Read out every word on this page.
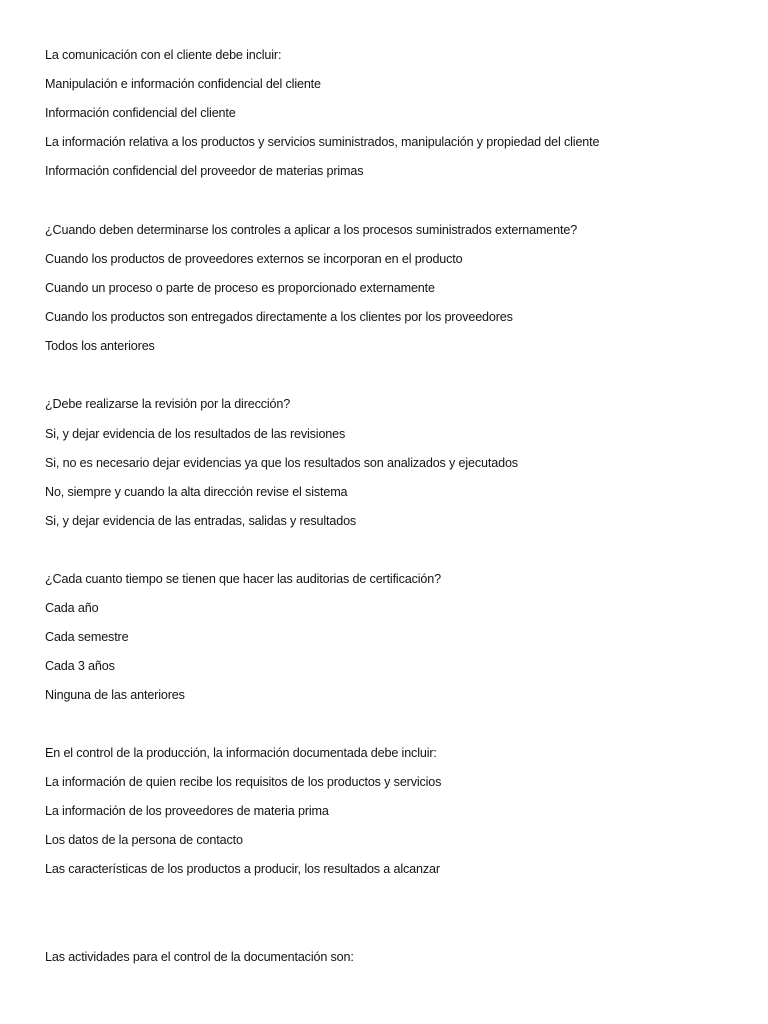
La comunicación con el cliente debe incluir:
Manipulación e información confidencial del cliente
Información confidencial del cliente
La información relativa a los productos y servicios suministrados, manipulación y propiedad del cliente
Información confidencial del proveedor de materias primas
¿Cuando deben determinarse los controles a aplicar a los procesos suministrados externamente?
Cuando los productos de proveedores externos se incorporan en el producto
Cuando un proceso o parte de proceso es proporcionado externamente
Cuando los productos son entregados directamente a los clientes por los proveedores
Todos los anteriores
¿Debe realizarse la revisión por la dirección?
Si, y dejar evidencia de los resultados de las revisiones
Si, no es necesario dejar evidencias ya que los resultados son analizados y ejecutados
No, siempre y cuando la alta dirección revise el sistema
Si, y dejar evidencia de las entradas, salidas y resultados
¿Cada cuanto tiempo se tienen que hacer las auditorias de certificación?
Cada año
Cada semestre
Cada 3 años
Ninguna de las anteriores
En el control de la producción, la información documentada debe incluir:
La información de quien recibe los requisitos de los productos y servicios
La información de los proveedores de materia prima
Los datos de la persona de contacto
Las características de los productos a producir, los resultados a alcanzar
Las actividades para el control de la documentación son:
